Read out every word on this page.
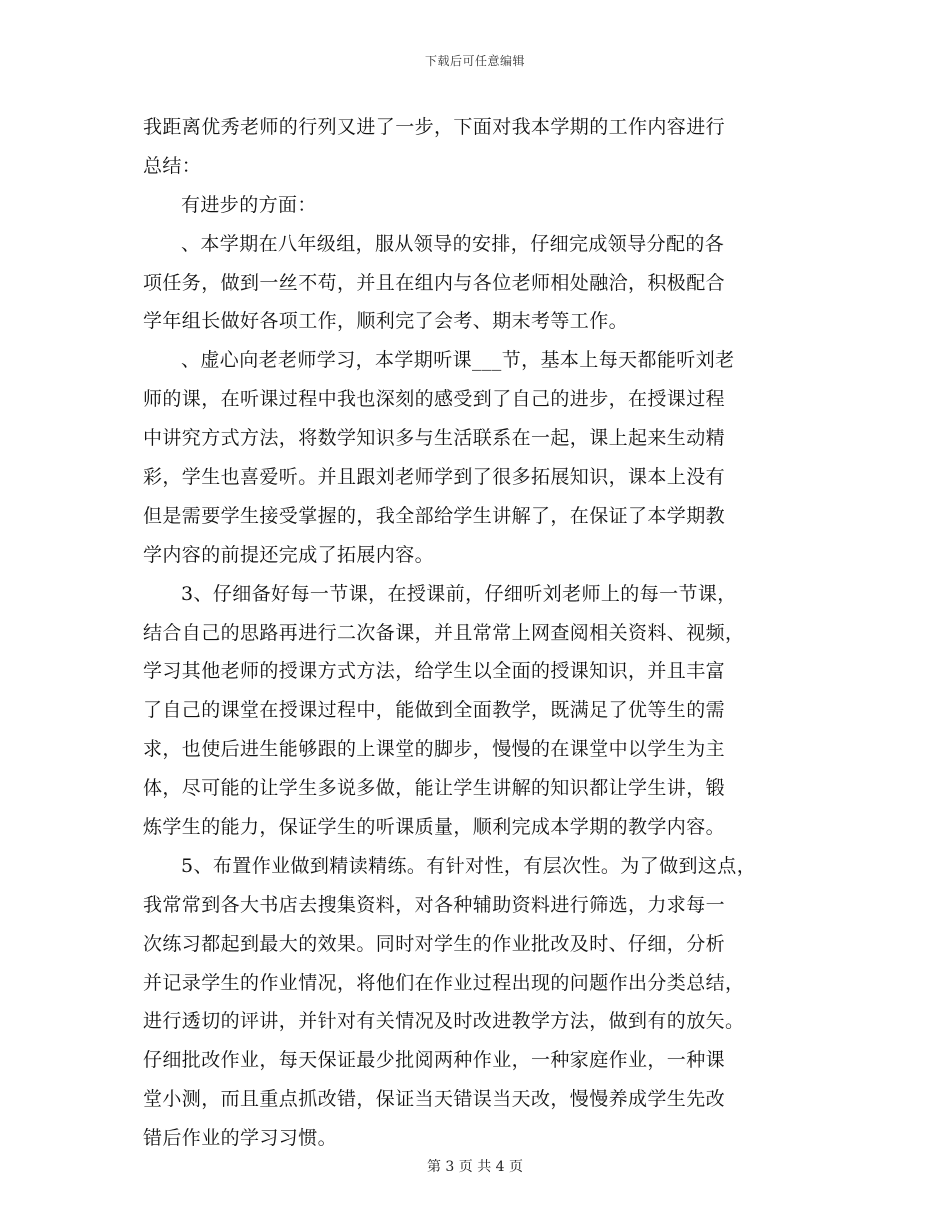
下载后可任意编辑
我距离优秀老师的行列又进了一步，下面对我本学期的工作内容进行
总结：
有进步的方面：
、本学期在八年级组，服从领导的安排，仔细完成领导分配的各
项任务，做到一丝不苟，并且在组内与各位老师相处融洽，积极配合
学年组长做好各项工作，顺利完了会考、期末考等工作。
、虚心向老老师学习，本学期听课___节，基本上每天都能听刘老
师的课，在听课过程中我也深刻的感受到了自己的进步，在授课过程
中讲究方式方法，将数学知识多与生活联系在一起，课上起来生动精
彩，学生也喜爱听。并且跟刘老师学到了很多拓展知识，课本上没有
但是需要学生接受掌握的，我全部给学生讲解了，在保证了本学期教
学内容的前提还完成了拓展内容。
3、仔细备好每一节课，在授课前，仔细听刘老师上的每一节课，
结合自己的思路再进行二次备课，并且常常上网查阅相关资料、视频，
学习其他老师的授课方式方法，给学生以全面的授课知识，并且丰富
了自己的课堂在授课过程中，能做到全面教学，既满足了优等生的需
求，也使后进生能够跟的上课堂的脚步，慢慢的在课堂中以学生为主
体，尽可能的让学生多说多做，能让学生讲解的知识都让学生讲，锻
炼学生的能力，保证学生的听课质量，顺利完成本学期的教学内容。
5、布置作业做到精读精练。有针对性，有层次性。为了做到这点，
我常常到各大书店去搜集资料，对各种辅助资料进行筛选，力求每一
次练习都起到最大的效果。同时对学生的作业批改及时、仔细，分析
并记录学生的作业情况，将他们在作业过程出现的问题作出分类总结，
进行透切的评讲，并针对有关情况及时改进教学方法，做到有的放矢。
仔细批改作业，每天保证最少批阅两种作业，一种家庭作业，一种课
堂小测，而且重点抓改错，保证当天错误当天改，慢慢养成学生先改
错后作业的学习习惯。
第 3 页 共 4 页
